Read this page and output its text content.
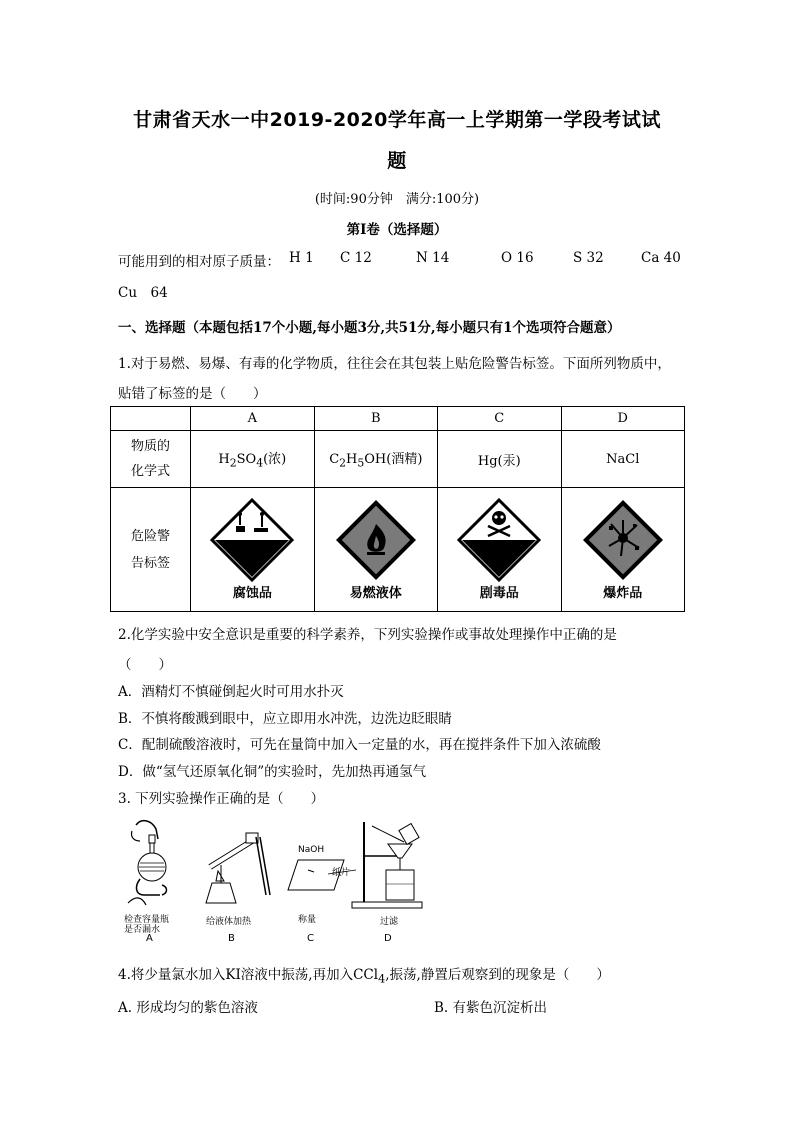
甘肃省天水一中2019-2020学年高一上学期第一学段考试试
题
(时间:90分钟　满分:100分)
第Ⅰ卷（选择题）
可能用到的相对原子质量： H 1 C 12	N 14	O 16	S 32	Ca 40
Cu　64
一、选择题（本题包括17个小题,每小题3分,共51分,每小题只有1个选项符合题意）
1.对于易燃、易爆、有毒的化学物质，往往会在其包装上贴危险警告标签。下面所列物质中，
贴错了标签的是（　　）
	A	B	C	D

物质的
化学式	$H_2SO_4$(浓)	$C_2H_5OH$(酒精)	Hg(汞)	NaCl

危险警
告标签	腐蚀品	易燃液体	剧毒品	爆炸品
2.化学实验中安全意识是重要的科学素养，下列实验操作或事故处理操作中正确的是
（　　）
A．酒精灯不慎碰倒起火时可用水扑灭
B．不慎将酸溅到眼中，应立即用水冲洗，边洗边眨眼睛
C．配制硫酸溶液时，可先在量筒中加入一定量的水，再在搅拌条件下加入浓硫酸
D．做“氢气还原氧化铜”的实验时，先加热再通氢气
3. 下列实验操作正确的是（　　）
检查容量瓶
是否漏水
给液体加热
NaOH
纸片
称量	过滤
A	B	C	D
4.将少量氯水加入KI溶液中振荡,再加入CCl$_4$,振荡,静置后观察到的现象是（　　）
A. 形成均匀的紫色溶液	B. 有紫色沉淀析出
